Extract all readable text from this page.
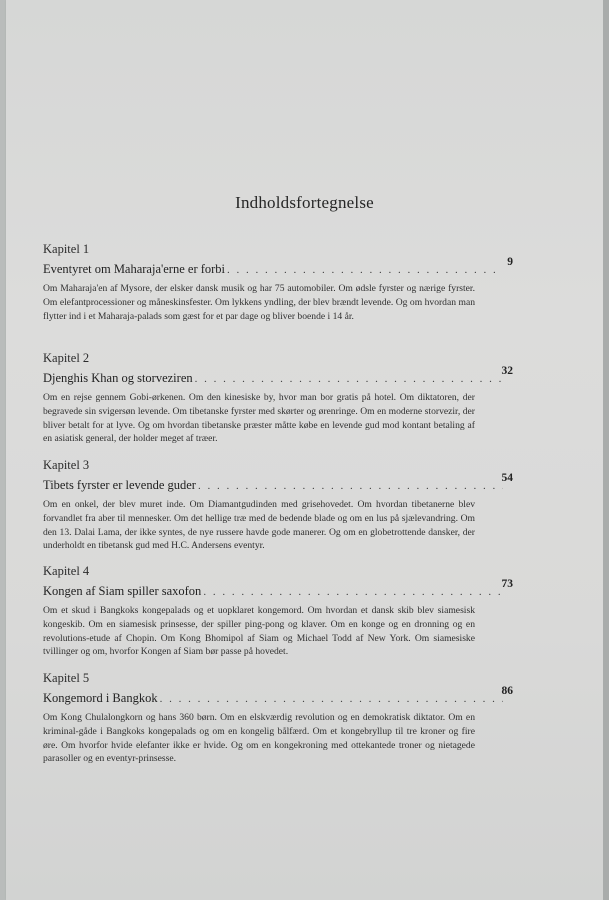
Indholdsfortegnelse
Kapitel 1
Eventyret om Maharaja'erne er forbi . . .	9
Om Maharaja'en af Mysore, der elsker dansk musik og har 75 automobiler. Om ødsle fyrster og nærige fyrster. Om elefantprocessioner og måneskinsfester. Om lykkens yndling, der blev brændt levende. Og om hvordan man flytter ind i et Maharaja-palads som gæst for et par dage og bliver boende i 14 år.
Kapitel 2
Djenghis Khan og storveziren . . .	32
Om en rejse gennem Gobi-ørkenen. Om den kinesiske by, hvor man bor gratis på hotel. Om diktatoren, der begravede sin svigersøn levende. Om tibetanske fyrster med skørter og ørenringe. Om en moderne storvezir, der bliver betalt for at lyve. Og om hvordan tibetanske præster måtte købe en levende gud mod kontant betaling af en asiatisk general, der holder meget af træer.
Kapitel 3
Tibets fyrster er levende guder . . .	54
Om en onkel, der blev muret inde. Om Diamantgudinden med grisehovedet. Om hvordan tibetanerne blev forvandlet fra aber til mennesker. Om det hellige træ med de bedende blade og om en lus på sjælevandring. Om den 13. Dalai Lama, der ikke syntes, de nye russere havde gode manerer. Og om en globetrottende dansker, der underholdt en tibetansk gud med H.C. Andersens eventyr.
Kapitel 4
Kongen af Siam spiller saxofon . . .	73
Om et skud i Bangkoks kongepalads og et uopklaret kongemord. Om hvordan et dansk skib blev siamesisk kongeskib. Om en siamesisk prinsesse, der spiller ping-pong og klaver. Om en konge og en dronning og en revolutions-etude af Chopin. Om Kong Bhomipol af Siam og Michael Todd af New York. Om siamesiske tvillinger og om, hvorfor Kongen af Siam bør passe på hovedet.
Kapitel 5
Kongemord i Bangkok . . .	86
Om Kong Chulalongkorn og hans 360 børn. Om en elskværdig revolution og en demokratisk diktator. Om en kriminal-gåde i Bangkoks kongepalads og om en kongelig bålfærd. Om et kongebryllup til tre kroner og fire øre. Om hvorfor hvide elefanter ikke er hvide. Og om en kongekroning med ottekantede troner og nietagede parasoller og en eventyr-prinsesse.
